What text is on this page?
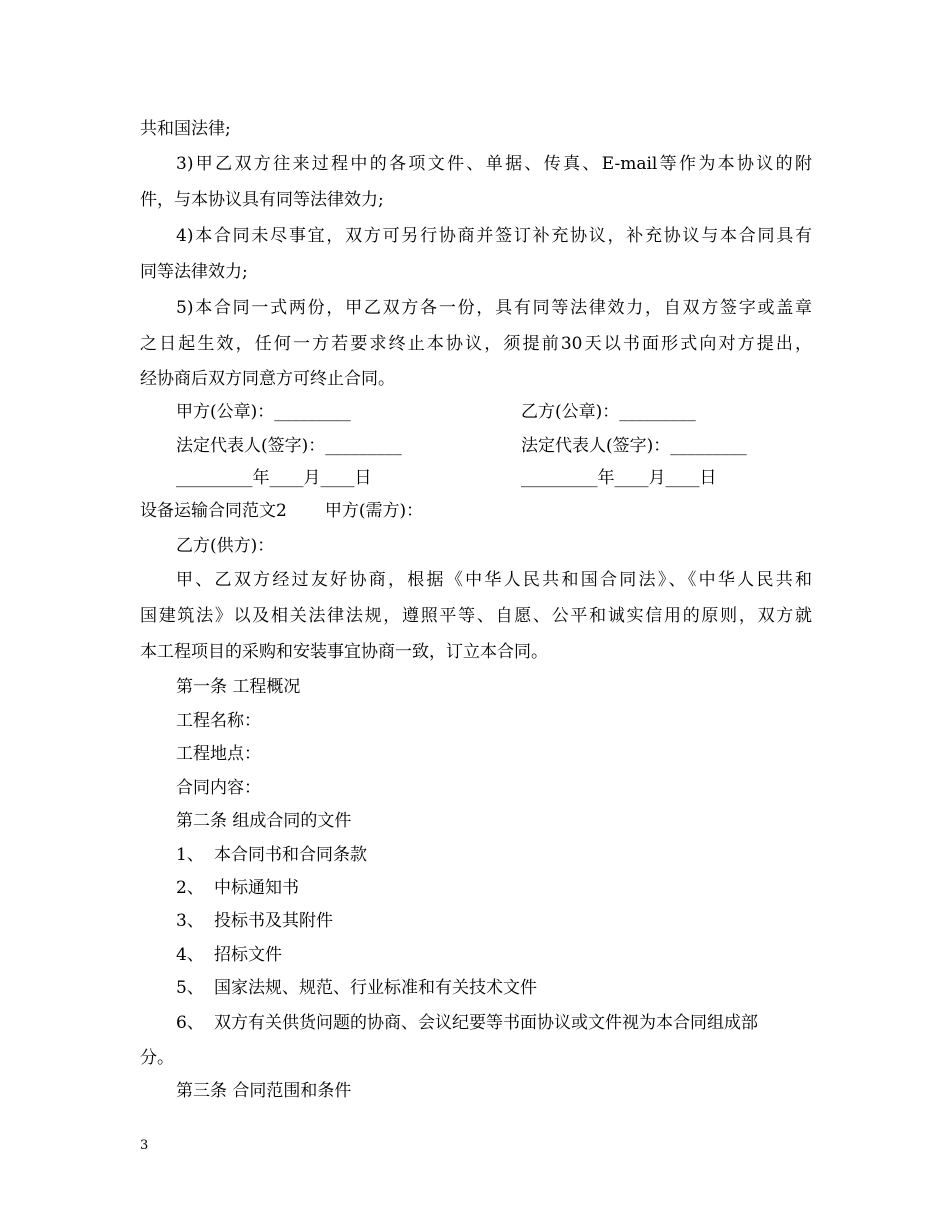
共和国法律;
3)甲乙双方往来过程中的各项文件、单据、传真、E-mail等作为本协议的附
件，与本协议具有同等法律效力;
4)本合同未尽事宜，双方可另行协商并签订补充协议，补充协议与本合同具有
同等法律效力;
5)本合同一式两份，甲乙双方各一份，具有同等法律效力，自双方签字或盖章
之日起生效，任何一方若要求终止本协议，须提前30天以书面形式向对方提出，
经协商后双方同意方可终止合同。
甲方(公章)：_________	乙方(公章)：_________
法定代表人(签字)：_________	法定代表人(签字)：_________
_________年____月____日	_________年____月____日
设备运输合同范文2 甲方(需方)：
乙方(供方)：
甲、乙双方经过友好协商，根据《中华人民共和国合同法》、《中华人民共和
国建筑法》以及相关法律法规，遵照平等、自愿、公平和诚实信用的原则，双方就
本工程项目的采购和安装事宜协商一致，订立本合同。
第一条 工程概况
工程名称：
工程地点：
合同内容：
第二条 组成合同的文件
1、 本合同书和合同条款
2、 中标通知书
3、 投标书及其附件
4、 招标文件
5、 国家法规、规范、行业标准和有关技术文件
6、 双方有关供货问题的协商、会议纪要等书面协议或文件视为本合同组成部
分。
第三条 合同范围和条件
3
